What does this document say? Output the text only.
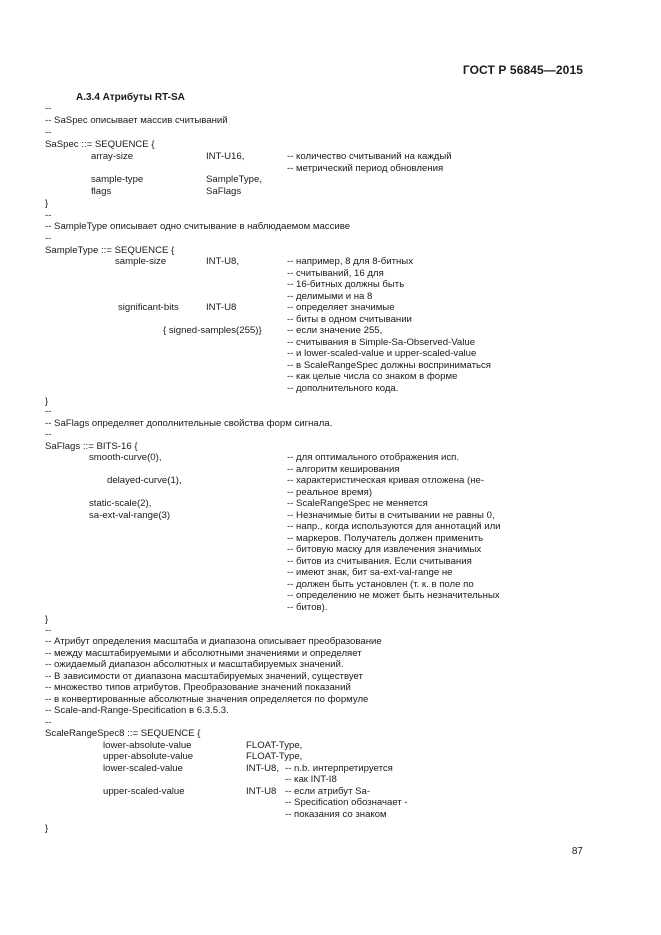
ГОСТ Р 56845—2015
A.3.4 Атрибуты RT-SA
--
-- SaSpec описывает массив считываний
--
SaSpec ::= SEQUENCE {
array-size	INT-U16,	-- количество считываний на каждый
-- метрический период обновления
sample-type	SampleType,
flags	SaFlags
}
--
-- SampleType описывает одно считывание в наблюдаемом массиве
--
SampleType ::= SEQUENCE {
sample-size	INT-U8,	-- например, 8 для 8-битных
-- считываний, 16 для
-- 16-битных должны быть
-- делимыми и на 8
significant-bits	INT-U8	-- определяет значимые
-- биты в одном считывании
{ signed-samples(255)}	-- если значение 255,
-- считывания в Simple-Sa-Observed-Value
-- и lower-scaled-value и upper-scaled-value
-- в ScaleRangeSpec должны восприниматься
-- как целые числа со знаком в форме
-- дополнительного кода.
}
--
-- SaFlags определяет дополнительные свойства форм сигнала.
--
SaFlags ::= BITS-16 {
smooth-curve(0),	-- для оптимального отображения исп.
-- алгоритм кеширования
delayed-curve(1),	-- характеристическая кривая отложена (не-
-- реальное время)
static-scale(2),	-- ScaleRangeSpec не меняется
sa-ext-val-range(3)	-- Незначимые биты в считывании не равны 0,
-- напр., когда используются для аннотаций или
-- маркеров. Получатель должен применить
-- битовую маску для извлечения значимых
-- битов из считывания. Если считывания
-- имеют знак, бит sa-ext-val-range не
-- должен быть установлен (т. к. в поле по
-- определению не может быть незначительных
-- битов).
}
--
-- Атрибут определения масштаба и диапазона описывает преобразование
-- между масштабируемыми и абсолютными значениями и определяет
-- ожидаемый диапазон абсолютных и масштабируемых значений.
-- В зависимости от диапазона масштабируемых значений, существует
-- множество типов атрибутов. Преобразование значений показаний
-- в конвертированные абсолютные значения определяется по формуле
-- Scale-and-Range-Specification в 6.3.5.3.
--
ScaleRangeSpec8 ::= SEQUENCE {
lower-absolute-value	FLOAT-Type,
upper-absolute-value	FLOAT-Type,
lower-scaled-value	INT-U8, -- n.b. интерпретируется
-- как INT-I8
upper-scaled-value	INT-U8 -- если атрибут Sa-
-- Specification обозначает -
-- показания со знаком
}
87
